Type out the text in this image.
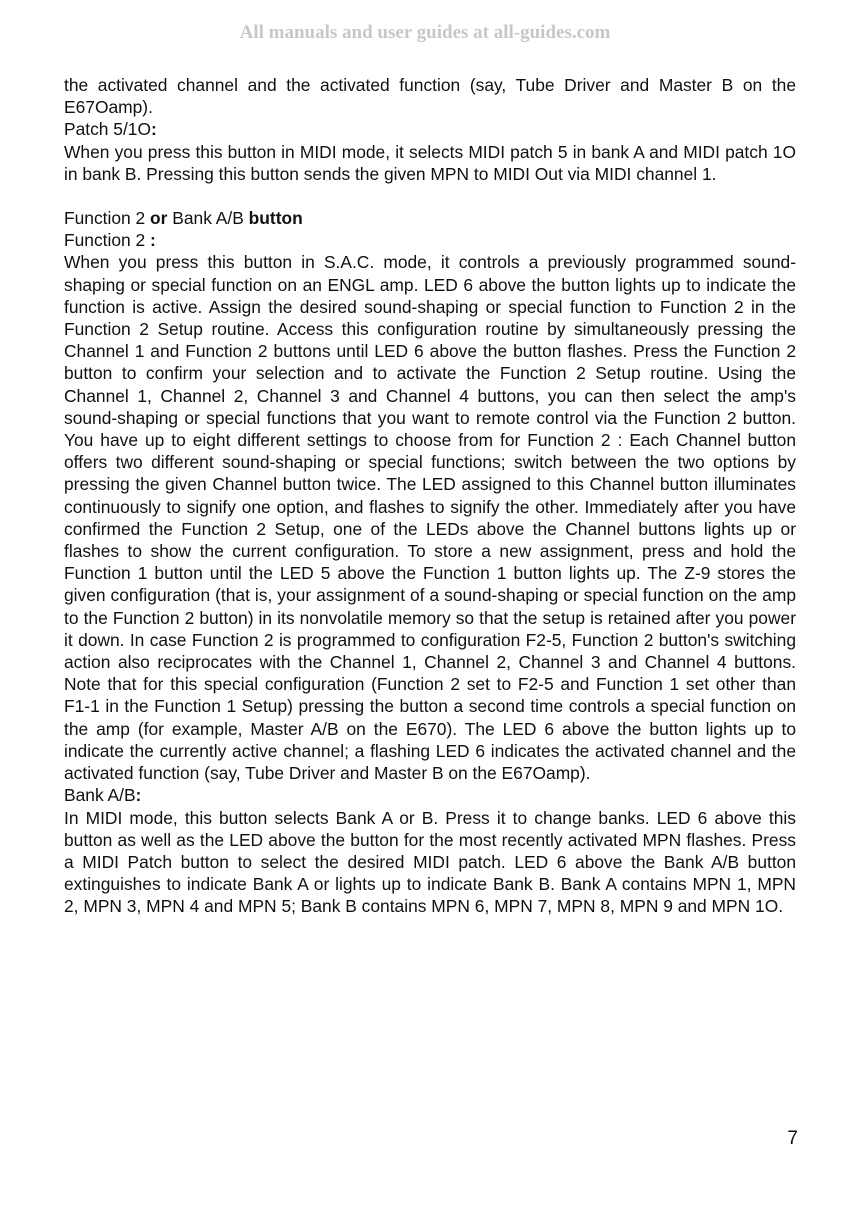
All manuals and user guides at all-guides.com

the activated channel and the activated function (say, Tube Driver and Master B on the E67Oamp).

Patch 5/1O:

When you press this button in MIDI mode, it selects MIDI patch 5 in bank A and MIDI patch 1O in bank B. Pressing this button sends the given MPN to MIDI Out via MIDI channel 1.

Function 2 or Bank A/B button

Function 2 :

When you press this button in S.A.C. mode, it controls a previously programmed sound-shaping or special function on an ENGL amp. LED 6 above the button lights up to indicate the function is active. Assign the desired sound-shaping or special function to Function 2 in the Function 2 Setup routine. Access this configuration routine by simultaneously pressing the Channel 1 and Function 2 buttons until LED 6 above the button flashes. Press the Function 2 button to confirm your selection and to activate the Function 2 Setup routine. Using the Channel 1, Channel 2, Channel 3 and Channel 4 buttons, you can then select the amp's sound-shaping or special functions that you want to remote control via the Function 2 button. You have up to eight different settings to choose from for Function 2 : Each Channel button offers two different sound-shaping or special functions; switch between the two options by pressing the given Channel button twice. The LED assigned to this Channel button illuminates continuously to signify one option, and flashes to signify the other. Immediately after you have confirmed the Function 2 Setup, one of the LEDs above the Channel buttons lights up or flashes to show the current configuration. To store a new assignment, press and hold the Function 1 button until the LED 5 above the Function 1 button lights up. The Z-9 stores the given configuration (that is, your assignment of a sound-shaping or special function on the amp to the Function 2 button) in its nonvolatile memory so that the setup is retained after you power it down. In case Function 2 is programmed to configuration F2-5, Function 2 button's switching action also reciprocates with the Channel 1, Channel 2, Channel 3 and Channel 4 buttons. Note that for this special configuration (Function 2 set to F2-5 and Function 1 set other than F1-1 in the Function 1 Setup) pressing the button a second time controls a special function on the amp (for example, Master A/B on the E670). The LED 6 above the button lights up to indicate the currently active channel; a flashing LED 6 indicates the activated channel and the activated function (say, Tube Driver and Master B on the E67Oamp).

Bank A/B:

In MIDI mode, this button selects Bank A or B. Press it to change banks. LED 6 above this button as well as the LED above the button for the most recently activated MPN flashes. Press a MIDI Patch button to select the desired MIDI patch. LED 6 above the Bank A/B button extinguishes to indicate Bank A or lights up to indicate Bank B. Bank A contains MPN 1, MPN 2, MPN 3, MPN 4 and MPN 5; Bank B contains MPN 6, MPN 7, MPN 8, MPN 9 and MPN 1O.

7
